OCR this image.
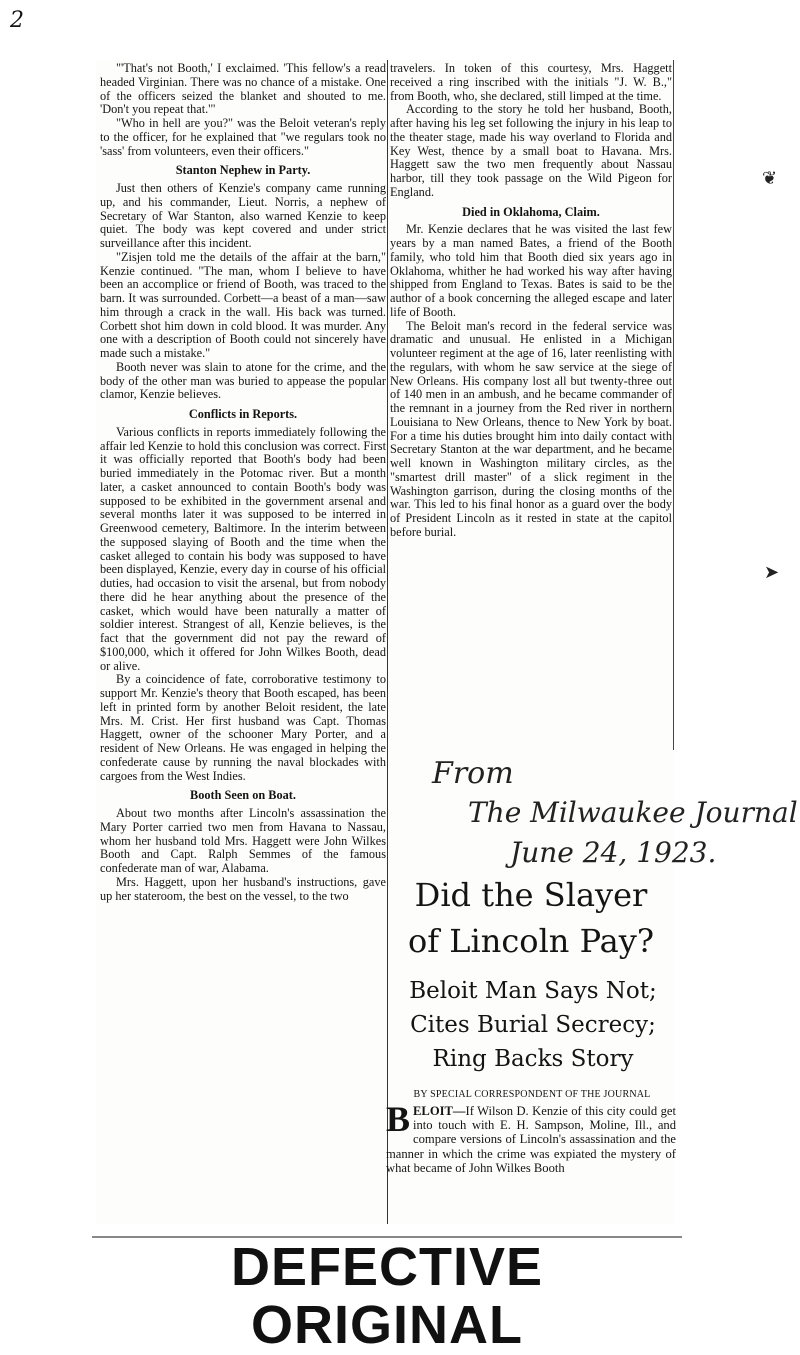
2

"'That's not Booth,' I exclaimed. 'This fellow's a read headed Virginian. There was no chance of a mistake. One of the officers seized the blanket and shouted to me. 'Don't you repeat that.'"

"Who in hell are you?" was the Beloit veteran's reply to the officer, for he explained that "we regulars took no 'sass' from volunteers, even their officers."

Stanton Nephew in Party.

Just then others of Kenzie's company came running up, and his commander, Lieut. Norris, a nephew of Secretary of War Stanton, also warned Kenzie to keep quiet. The body was kept covered and under strict surveillance after this incident.

"Zisjen told me the details of the affair at the barn," Kenzie continued. "The man, whom I believe to have been an accomplice or friend of Booth, was traced to the barn. It was surrounded. Corbett—a beast of a man—saw him through a crack in the wall. His back was turned. Corbett shot him down in cold blood. It was murder. Any one with a description of Booth could not sincerely have made such a mistake."

Booth never was slain to atone for the crime, and the body of the other man was buried to appease the popular clamor, Kenzie believes.

Conflicts in Reports.

Various conflicts in reports immediately following the affair led Kenzie to hold this conclusion was correct. First it was officially reported that Booth's body had been buried immediately in the Potomac river. But a month later, a casket announced to contain Booth's body was supposed to be exhibited in the government arsenal and several months later it was supposed to be interred in Greenwood cemetery, Baltimore. In the interim between the supposed slaying of Booth and the time when the casket alleged to contain his body was supposed to have been displayed, Kenzie, every day in course of his official duties, had occasion to visit the arsenal, but from nobody there did he hear anything about the presence of the casket, which would have been naturally a matter of soldier interest. Strangest of all, Kenzie believes, is the fact that the government did not pay the reward of $100,000, which it offered for John Wilkes Booth, dead or alive.

By a coincidence of fate, corroborative testimony to support Mr. Kenzie's theory that Booth escaped, has been left in printed form by another Beloit resident, the late Mrs. M. Crist. Her first husband was Capt. Thomas Haggett, owner of the schooner Mary Porter, and a resident of New Orleans. He was engaged in helping the confederate cause by running the naval blockades with cargoes from the West Indies.

Booth Seen on Boat.

About two months after Lincoln's assassination the Mary Porter carried two men from Havana to Nassau, whom her husband told Mrs. Haggett were John Wilkes Booth and Capt. Ralph Semmes of the famous confederate man of war, Alabama.

Mrs. Haggett, upon her husband's instructions, gave up her stateroom, the best on the vessel, to the two

travelers. In token of this courtesy, Mrs. Haggett received a ring inscribed with the initials "J. W. B.," from Booth, who, she declared, still limped at the time.

According to the story he told her husband, Booth, after having his leg set following the injury in his leap to the theater stage, made his way overland to Florida and Key West, thence by a small boat to Havana. Mrs. Haggett saw the two men frequently about Nassau harbor, till they took passage on the Wild Pigeon for England.

Died in Oklahoma, Claim.

Mr. Kenzie declares that he was visited the last few years by a man named Bates, a friend of the Booth family, who told him that Booth died six years ago in Oklahoma, whither he had worked his way after having shipped from England to Texas. Bates is said to be the author of a book concerning the alleged escape and later life of Booth.

The Beloit man's record in the federal service was dramatic and unusual. He enlisted in a Michigan volunteer regiment at the age of 16, later reenlisting with the regulars, with whom he saw service at the siege of New Orleans. His company lost all but twenty-three out of 140 men in an ambush, and he became commander of the remnant in a journey from the Red river in northern Louisiana to New Orleans, thence to New York by boat. For a time his duties brought him into daily contact with Secretary Stanton at the war department, and he became well known in Washington military circles, as the "smartest drill master" of a slick regiment in the Washington garrison, during the closing months of the war. This led to his final honor as a guard over the body of President Lincoln as it rested in state at the capitol before burial.

From
The Milwaukee Journal
June 24, 1923.
Did the Slayer
of Lincoln Pay?
Beloit Man Says Not;
Cites Burial Secrecy;
Ring Backs Story
BY SPECIAL CORRESPONDENT OF THE JOURNAL
BELOIT—If Wilson D. Kenzie of this city could get into touch with E. H. Sampson, Moline, Ill., and compare versions of Lincoln's assassination and the manner in which the crime was expiated the mystery of what became of John Wilkes Booth
❦
➤
DEFECTIVE ORIGINAL
